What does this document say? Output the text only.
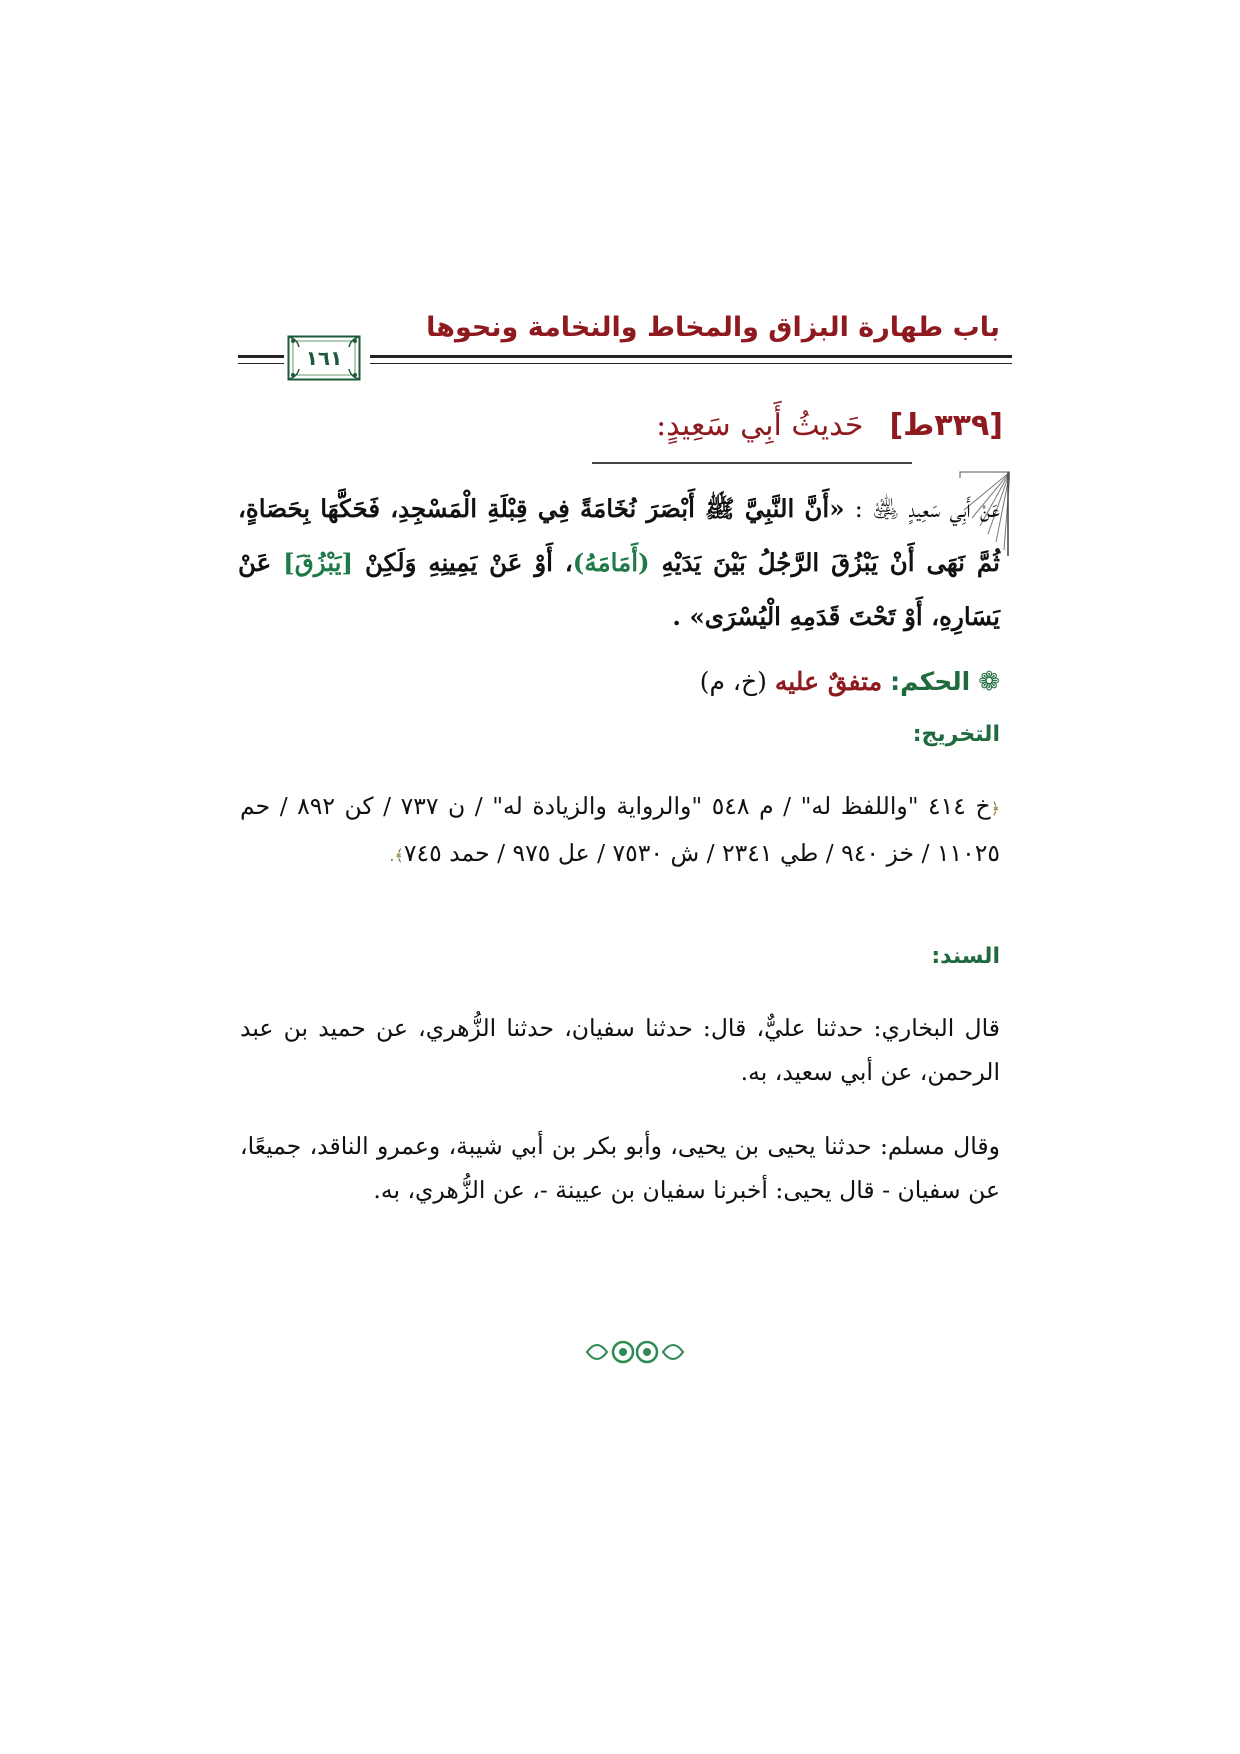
باب طهارة البزاق والمخاط والنخامة ونحوها
١٦١
[٣٣٩ط]حَديثُ أَبِي سَعِيدٍ:
عَنْ أَبِي سَعِيدٍ ﵁ : «أَنَّ النَّبِيَّ ﷺ أَبْصَرَ نُخَامَةً فِي قِبْلَةِ الْمَسْجِدِ، فَحَكَّهَا بِحَصَاةٍ، ثُمَّ نَهَى أَنْ يَبْزُقَ الرَّجُلُ بَيْنَ يَدَيْهِ (أَمَامَهُ)، أَوْ عَنْ يَمِينِهِ وَلَكِنْ [يَبْزُقَ] عَنْ يَسَارِهِ، أَوْ تَحْتَ قَدَمِهِ الْيُسْرَى» .
❁الحكم: متفقٌ عليه (خ، م)
التخريج:
﴿خ ٤١٤ "واللفظ له" / م ٥٤٨ "والرواية والزيادة له" / ن ٧٣٧ / كن ٨٩٢ / حم ١١٠٢٥ / خز ٩٤٠ / طي ٢٣٤١ / ش ٧٥٣٠ / عل ٩٧٥ / حمد ٧٤٥﴾.
السند:
قال البخاري: حدثنا عليٌّ، قال: حدثنا سفيان، حدثنا الزُّهري، عن حميد بن عبد الرحمن، عن أبي سعيد، به.
وقال مسلم: حدثنا يحيى بن يحيى، وأبو بكر بن أبي شيبة، وعمرو الناقد، جميعًا، عن سفيان - قال يحيى: أخبرنا سفيان بن عيينة -، عن الزُّهري، به.
